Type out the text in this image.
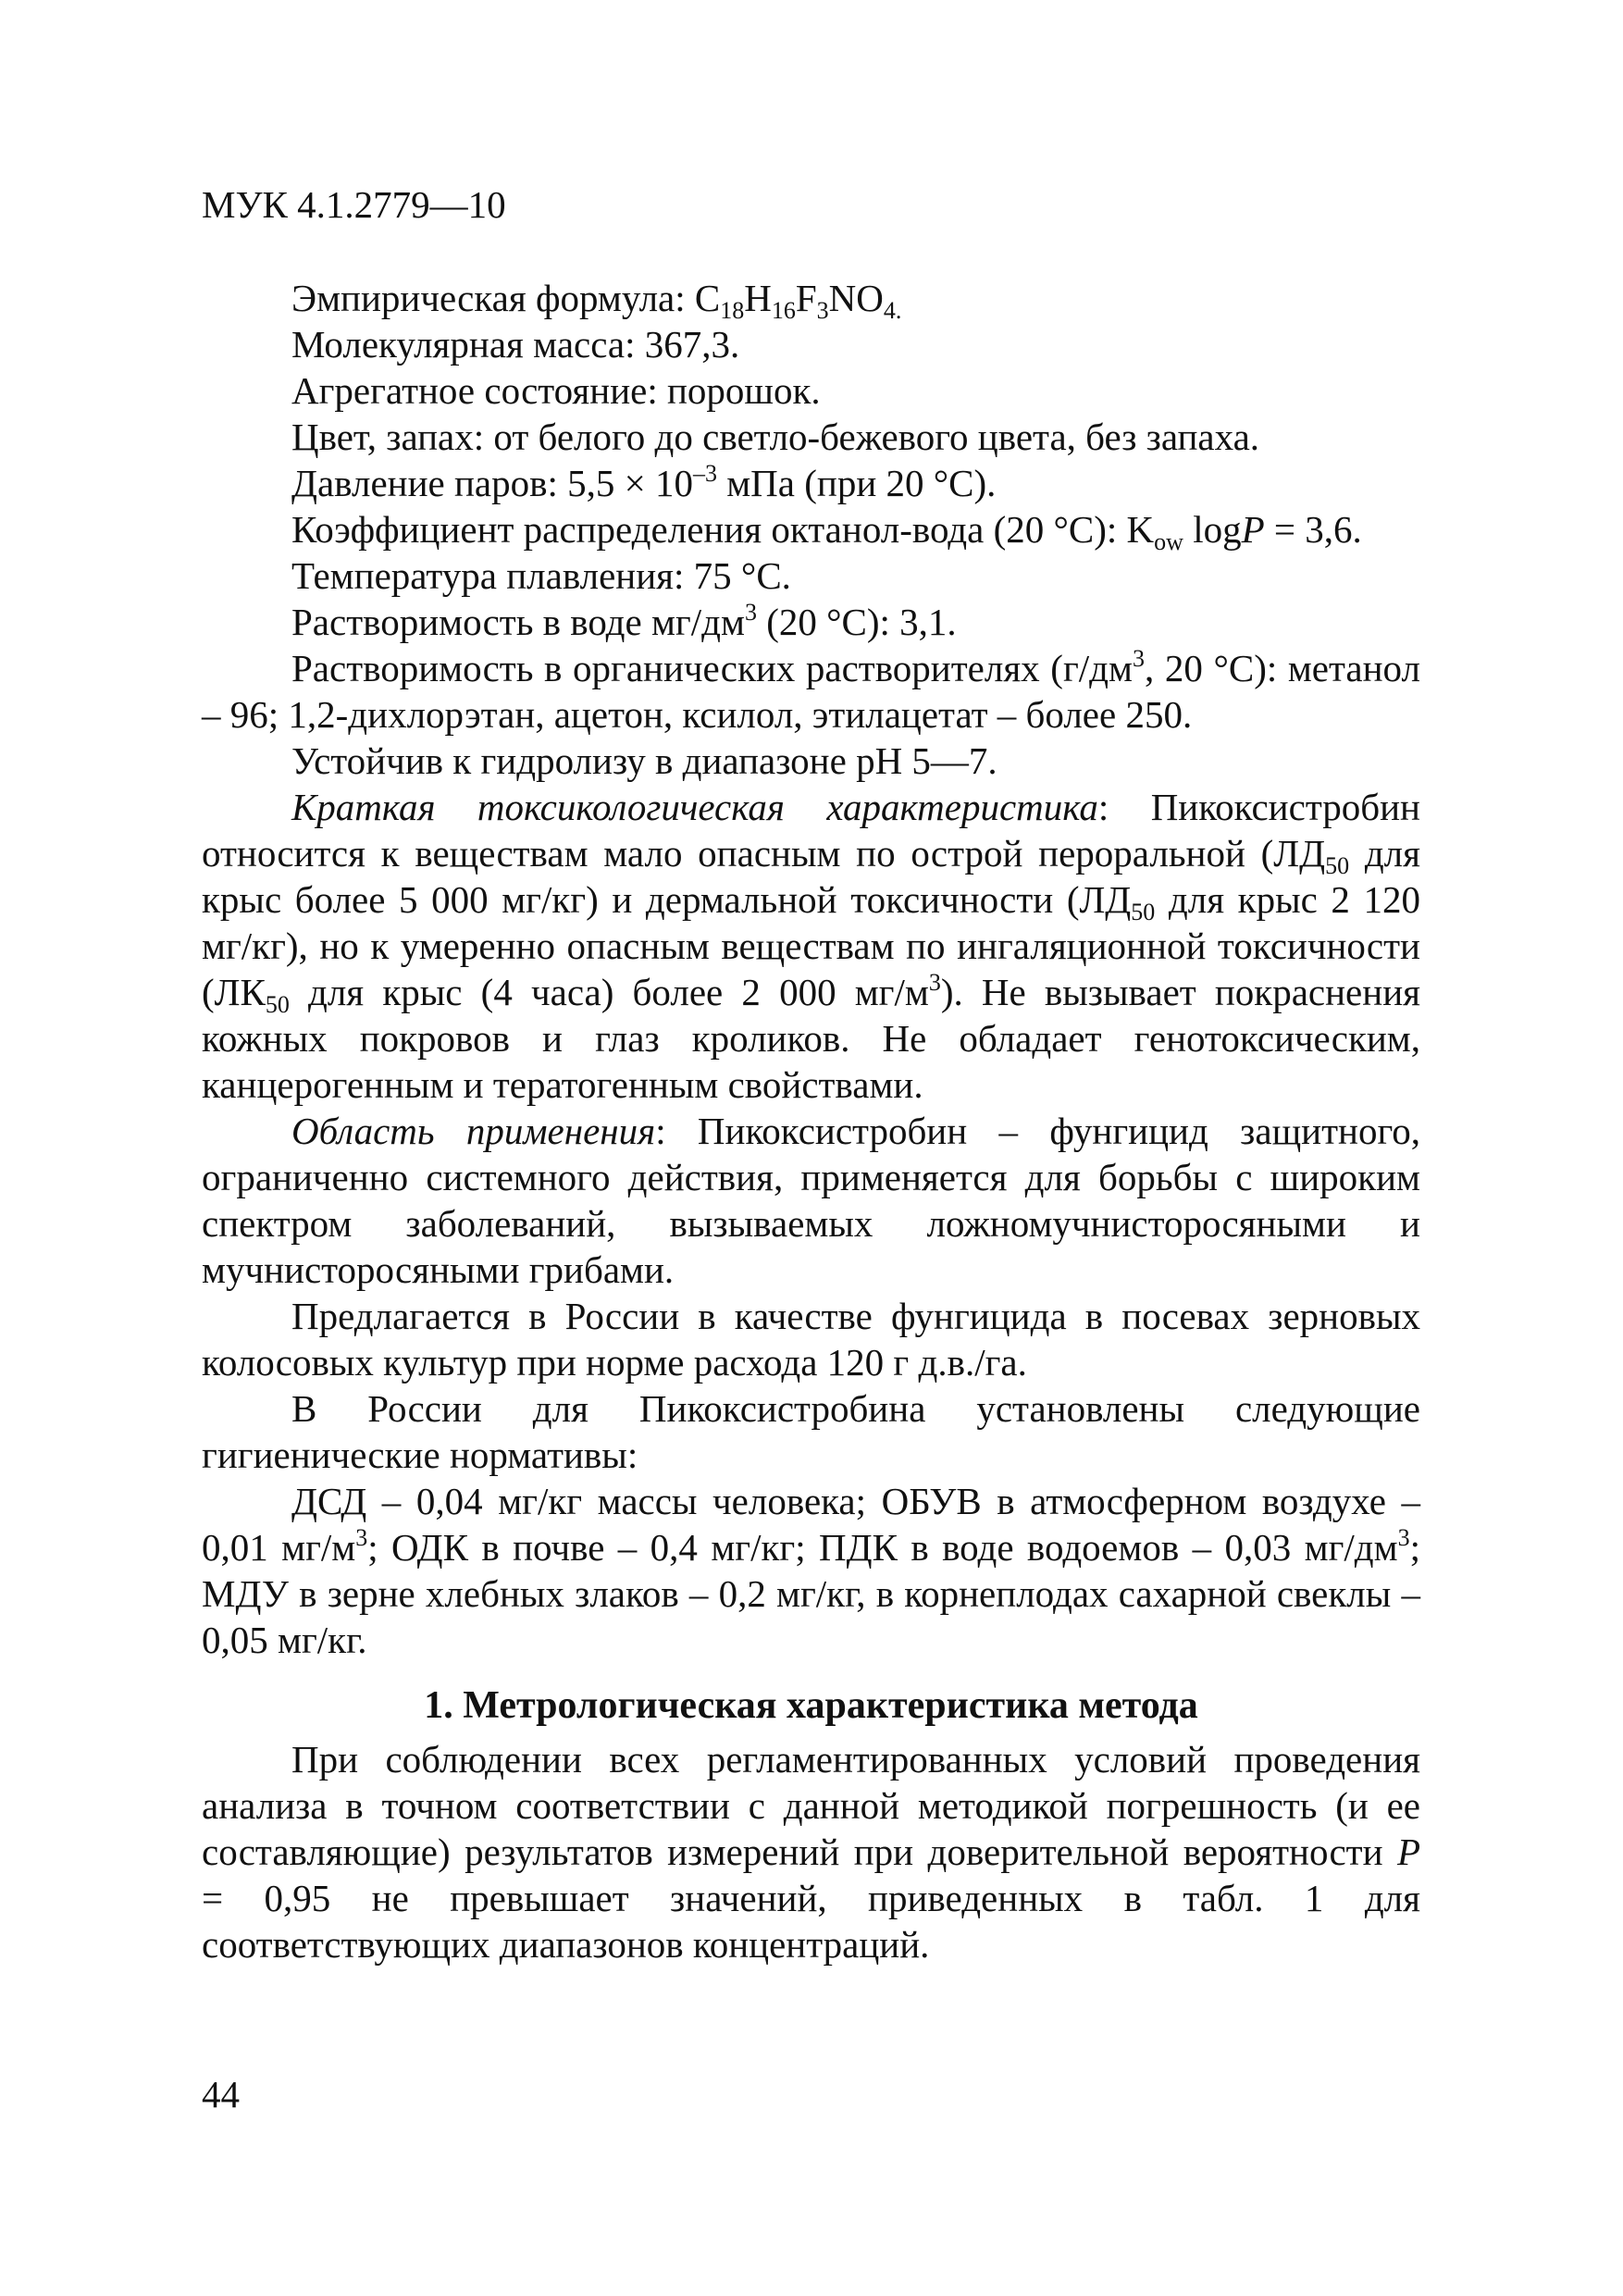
МУК 4.1.2779—10

Эмпирическая формула: $C_{18}H_{16}F_3NO_{4.}$

Молекулярная масса: 367,3.

Агрегатное состояние: порошок.

Цвет, запах: от белого до светло-бежевого цвета, без запаха.

Давление паров: $5,5 \times 10^{-3}$ мПа (при 20 °С).

Коэффициент распределения октанол-вода (20 °С): $K_{ow}$ logP = 3,6.

Температура плавления: 75 °С.

Растворимость в воде $мг/дм^3$ (20 °С): 3,1.

Растворимость в органических растворителях ($г/дм^3$, 20 °С): метанол – 96; 1,2-дихлорэтан, ацетон, ксилол, этилацетат – более 250.

Устойчив к гидролизу в диапазоне рН 5—7.

Краткая токсикологическая характеристика: Пикоксистробин относится к веществам мало опасным по острой пероральной ($ЛД_{50}$ для крыс более 5 000 мг/кг) и дермальной токсичности ($ЛД_{50}$ для крыс 2 120 мг/кг), но к умеренно опасным веществам по ингаляционной токсичности ($ЛК_{50}$ для крыс (4 часа) более 2 000 $мг/м^3$). Не вызывает покраснения кожных покровов и глаз кроликов. Не обладает генотоксическим, канцерогенным и тератогенным свойствами.

Область применения: Пикоксистробин – фунгицид защитного, ограниченно системного действия, применяется для борьбы с широким спектром заболеваний, вызываемых ложномучнисторосяными и мучнисторосяными грибами.

Предлагается в России в качестве фунгицида в посевах зерновых колосовых культур при норме расхода 120 г д.в./га.

В России для Пикоксистробина установлены следующие гигиенические нормативы:

ДСД – 0,04 мг/кг массы человека; ОБУВ в атмосферном воздухе – 0,01 $мг/м^3$; ОДК в почве – 0,4 мг/кг; ПДК в воде водоемов – 0,03 $мг/дм^3$; МДУ в зерне хлебных злаков – 0,2 мг/кг, в корнеплодах сахарной свеклы – 0,05 мг/кг.

1. Метрологическая характеристика метода

При соблюдении всех регламентированных условий проведения анализа в точном соответствии с данной методикой погрешность (и ее составляющие) результатов измерений при доверительной вероятности Р = 0,95 не превышает значений, приведенных в табл. 1 для соответствующих диапазонов концентраций.

44
